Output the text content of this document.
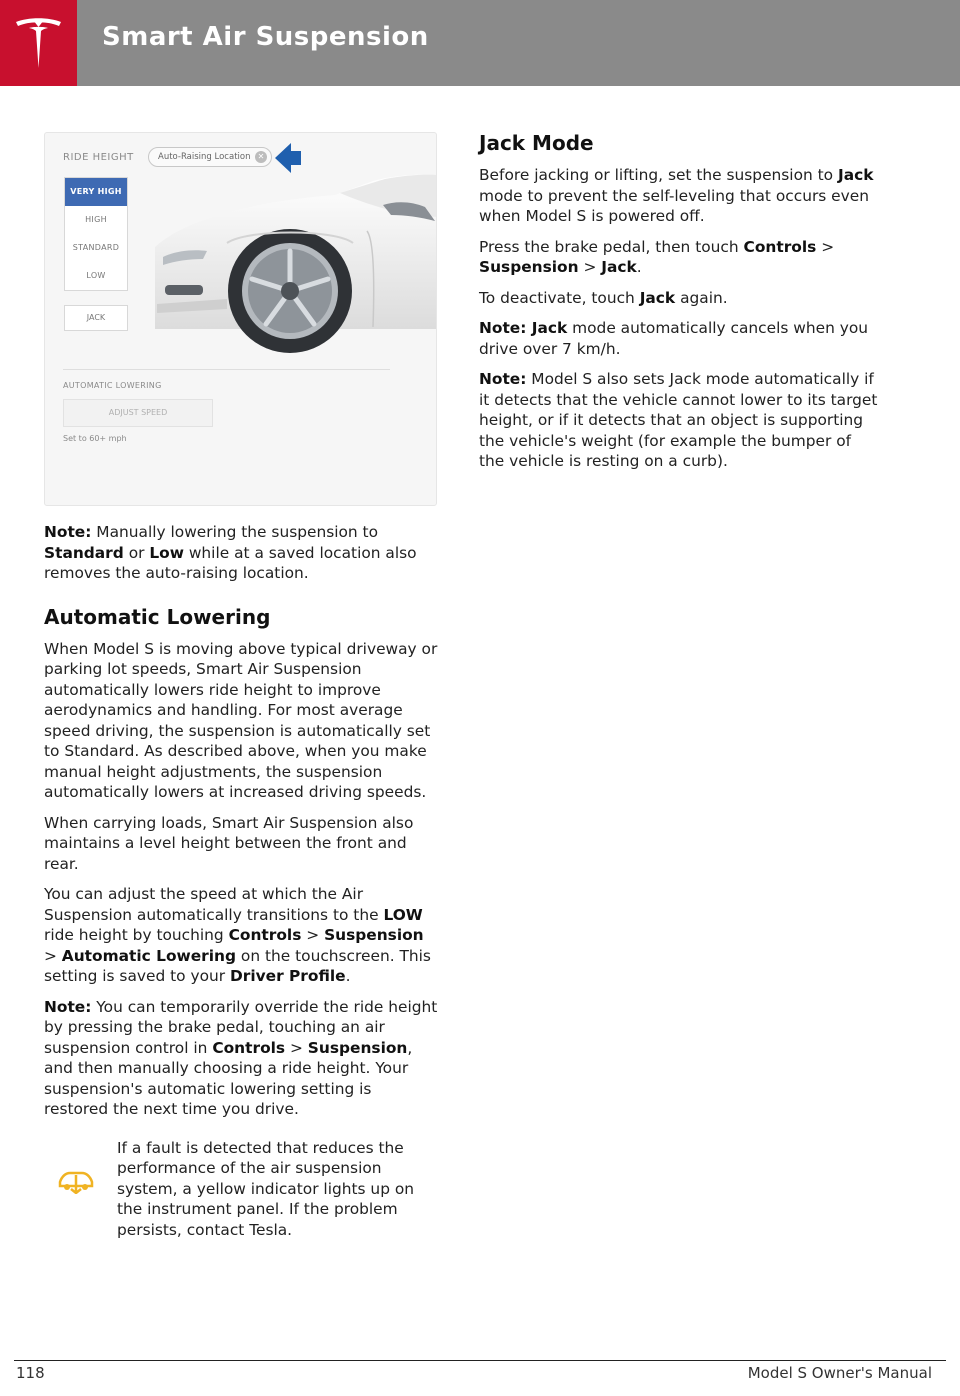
Smart Air Suspension
RIDE HEIGHT	Auto-Raising Location ✕
VERY HIGH
HIGH
STANDARD
LOW
JACK
AUTOMATIC LOWERING
ADJUST SPEED
Set to 60+ mph

Note: Manually lowering the suspension to Standard or Low while at a saved location also removes the auto-raising location.

Automatic Lowering

When Model S is moving above typical driveway or parking lot speeds, Smart Air Suspension automatically lowers ride height to improve aerodynamics and handling. For most average speed driving, the suspension is automatically set to Standard. As described above, when you make manual height adjustments, the suspension automatically lowers at increased driving speeds.

When carrying loads, Smart Air Suspension also maintains a level height between the front and rear.

You can adjust the speed at which the Air Suspension automatically transitions to the LOW ride height by touching Controls > Suspension > Automatic Lowering on the touchscreen. This setting is saved to your Driver Profile.

Note: You can temporarily override the ride height by pressing the brake pedal, touching an air suspension control in Controls > Suspension, and then manually choosing a ride height. Your suspension's automatic lowering setting is restored the next time you drive.

If a fault is detected that reduces the performance of the air suspension system, a yellow indicator lights up on the instrument panel. If the problem persists, contact Tesla.
Jack Mode

Before jacking or lifting, set the suspension to Jack mode to prevent the self-leveling that occurs even when Model S is powered off.

Press the brake pedal, then touch Controls > Suspension > Jack.

To deactivate, touch Jack again.

Note: Jack mode automatically cancels when you drive over 7 km/h.

Note: Model S also sets Jack mode automatically if it detects that the vehicle cannot lower to its target height, or if it detects that an object is supporting the vehicle's weight (for example the bumper of the vehicle is resting on a curb).

118	Model S Owner's Manual
